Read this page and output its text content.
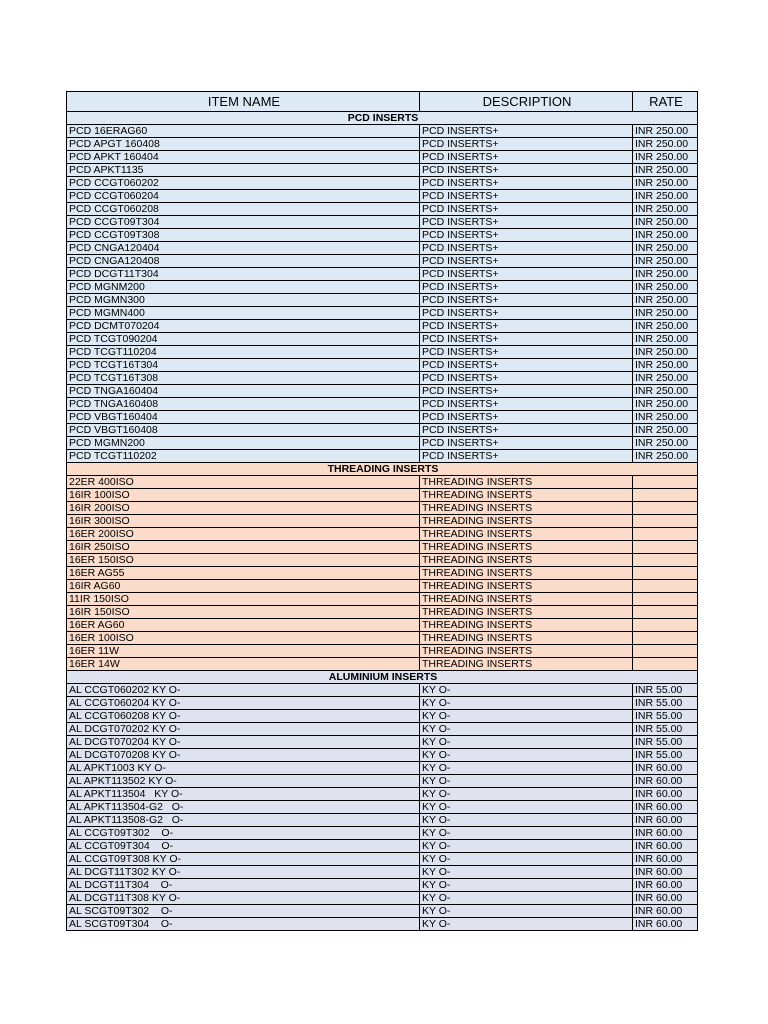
ITEM NAME	DESCRIPTION	RATE
PCD INSERTS		
PCD 16ERAG60	PCD INSERTS+	INR 250.00
PCD APGT 160408	PCD INSERTS+	INR 250.00
PCD APKT 160404	PCD INSERTS+	INR 250.00
PCD APKT1135	PCD INSERTS+	INR 250.00
PCD CCGT060202	PCD INSERTS+	INR 250.00
PCD CCGT060204	PCD INSERTS+	INR 250.00
PCD CCGT060208	PCD INSERTS+	INR 250.00
PCD CCGT09T304	PCD INSERTS+	INR 250.00
PCD CCGT09T308	PCD INSERTS+	INR 250.00
PCD CNGA120404	PCD INSERTS+	INR 250.00
PCD CNGA120408	PCD INSERTS+	INR 250.00
PCD DCGT11T304	PCD INSERTS+	INR 250.00
PCD MGNM200	PCD INSERTS+	INR 250.00
PCD MGMN300	PCD INSERTS+	INR 250.00
PCD MGMN400	PCD INSERTS+	INR 250.00
PCD DCMT070204	PCD INSERTS+	INR 250.00
PCD TCGT090204	PCD INSERTS+	INR 250.00
PCD TCGT110204	PCD INSERTS+	INR 250.00
PCD TCGT16T304	PCD INSERTS+	INR 250.00
PCD TCGT16T308	PCD INSERTS+	INR 250.00
PCD TNGA160404	PCD INSERTS+	INR 250.00
PCD TNGA160408	PCD INSERTS+	INR 250.00
PCD VBGT160404	PCD INSERTS+	INR 250.00
PCD VBGT160408	PCD INSERTS+	INR 250.00
PCD MGMN200	PCD INSERTS+	INR 250.00
PCD TCGT110202	PCD INSERTS+	INR 250.00
THREADING INSERTS		
22ER 400ISO	THREADING INSERTS	
16IR 100ISO	THREADING INSERTS	
16IR 200ISO	THREADING INSERTS	
16IR 300ISO	THREADING INSERTS	
16ER 200ISO	THREADING INSERTS	
16IR 250ISO	THREADING INSERTS	
16ER 150ISO	THREADING INSERTS	
16ER AG55	THREADING INSERTS	
16IR AG60	THREADING INSERTS	
11IR 150ISO	THREADING INSERTS	
16IR 150ISO	THREADING INSERTS	
16ER AG60	THREADING INSERTS	
16ER 100ISO	THREADING INSERTS	
16ER 11W	THREADING INSERTS	
16ER 14W	THREADING INSERTS	
ALUMINIUM INSERTS		
AL CCGT060202 KY O-	KY O-	INR 55.00
AL CCGT060204 KY O-	KY O-	INR 55.00
AL CCGT060208 KY O-	KY O-	INR 55.00
AL DCGT070202 KY O-	KY O-	INR 55.00
AL DCGT070204 KY O-	KY O-	INR 55.00
AL DCGT070208 KY O-	KY O-	INR 55.00
AL APKT1003 KY O-	KY O-	INR 60.00
AL APKT113502 KY O-	KY O-	INR 60.00
AL APKT113504   KY O-	KY O-	INR 60.00
AL APKT113504-G2   O-	KY O-	INR 60.00
AL APKT113508-G2   O-	KY O-	INR 60.00
AL CCGT09T302    O-	KY O-	INR 60.00
AL CCGT09T304    O-	KY O-	INR 60.00
AL CCGT09T308 KY O-	KY O-	INR 60.00
AL DCGT11T302 KY O-	KY O-	INR 60.00
AL DCGT11T304    O-	KY O-	INR 60.00
AL DCGT11T308 KY O-	KY O-	INR 60.00
AL SCGT09T302    O-	KY O-	INR 60.00
AL SCGT09T304    O-	KY O-	INR 60.00
